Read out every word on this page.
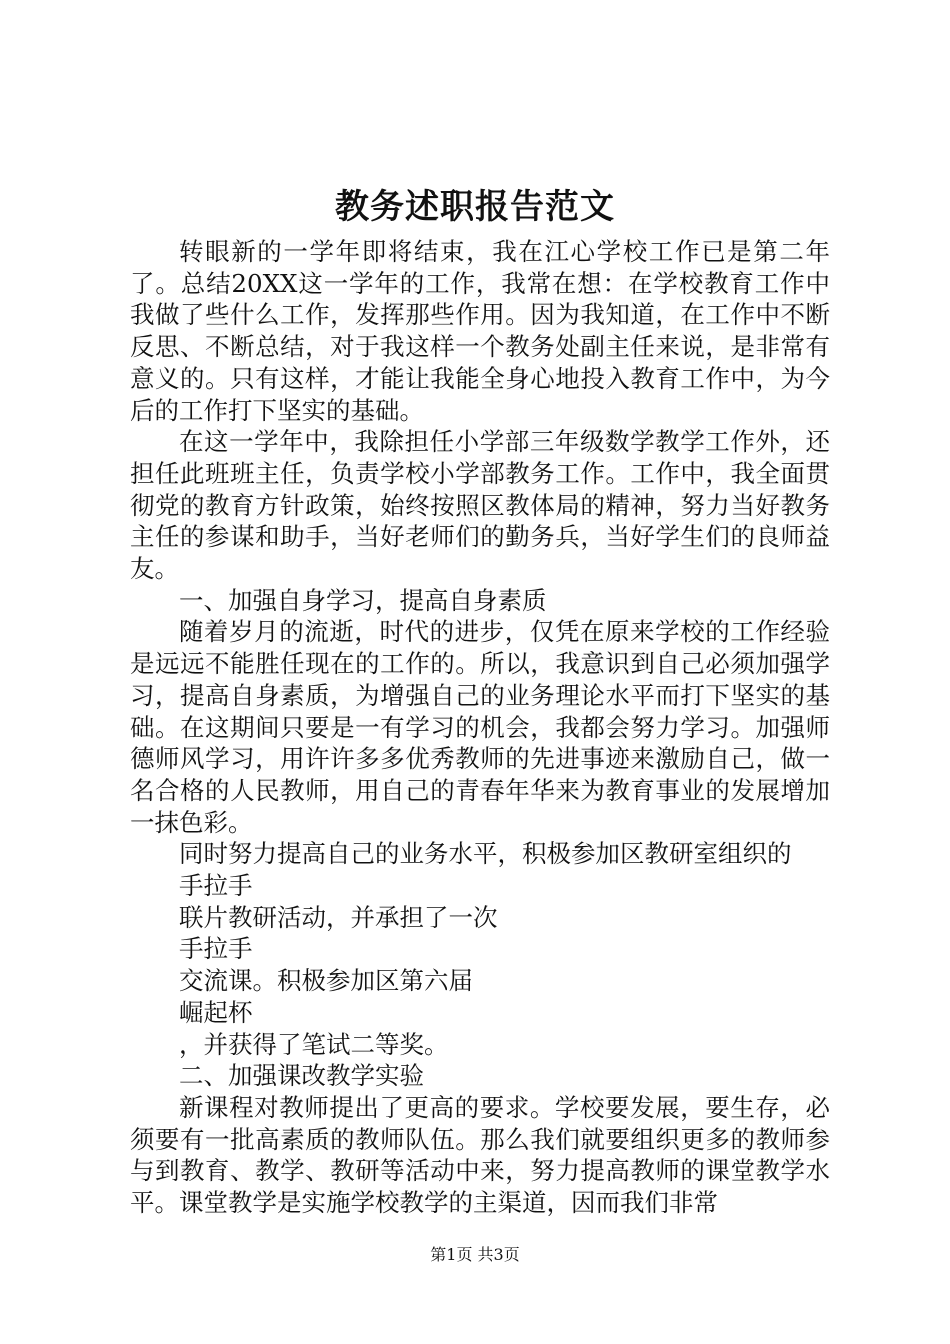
教务述职报告范文

转眼新的一学年即将结束，我在江心学校工作已是第二年了。总结20XX这一学年的工作，我常在想：在学校教育工作中我做了些什么工作，发挥那些作用。因为我知道，在工作中不断反思、不断总结，对于我这样一个教务处副主任来说，是非常有意义的。只有这样，才能让我能全身心地投入教育工作中，为今后的工作打下坚实的基础。

在这一学年中，我除担任小学部三年级数学教学工作外，还担任此班班主任，负责学校小学部教务工作。工作中，我全面贯彻党的教育方针政策，始终按照区教体局的精神，努力当好教务主任的参谋和助手，当好老师们的勤务兵，当好学生们的良师益友。

一、加强自身学习，提高自身素质

随着岁月的流逝，时代的进步，仅凭在原来学校的工作经验是远远不能胜任现在的工作的。所以，我意识到自己必须加强学习，提高自身素质，为增强自己的业务理论水平而打下坚实的基础。在这期间只要是一有学习的机会，我都会努力学习。加强师德师风学习，用许许多多优秀教师的先进事迹来激励自己，做一名合格的人民教师，用自己的青春年华来为教育事业的发展增加一抹色彩。

同时努力提高自己的业务水平，积极参加区教研室组织的

手拉手

联片教研活动，并承担了一次

手拉手

交流课。积极参加区第六届

崛起杯

，并获得了笔试二等奖。

二、加强课改教学实验

新课程对教师提出了更高的要求。学校要发展，要生存，必须要有一批高素质的教师队伍。那么我们就要组织更多的教师参与到教育、教学、教研等活动中来，努力提高教师的课堂教学水平。课堂教学是实施学校教学的主渠道，因而我们非常

第1页 共3页
